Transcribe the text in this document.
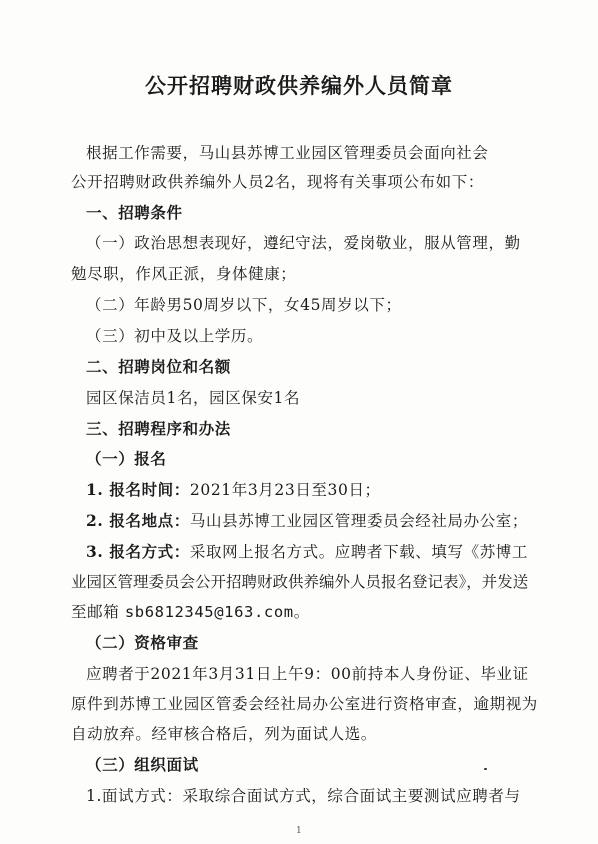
公开招聘财政供养编外人员简章
根据工作需要，马山县苏博工业园区管理委员会面向社会
公开招聘财政供养编外人员2名，现将有关事项公布如下：
一、招聘条件
（一）政治思想表现好，遵纪守法，爱岗敬业，服从管理，勤
勉尽职，作风正派，身体健康；
（二）年龄男50周岁以下，女45周岁以下；
（三）初中及以上学历。
二、招聘岗位和名额
园区保洁员1名，园区保安1名
三、招聘程序和办法
（一）报名
1. 报名时间：2021年3月23日至30日；
2. 报名地点：马山县苏博工业园区管理委员会经社局办公室；
3. 报名方式：采取网上报名方式。应聘者下载、填写《苏博工
业园区管理委员会公开招聘财政供养编外人员报名登记表》，并发送
至邮箱 sb6812345@163.com。
（二）资格审查
应聘者于2021年3月31日上午9：00前持本人身份证、毕业证
原件到苏博工业园区管委会经社局办公室进行资格审查，逾期视为
自动放弃。经审核合格后，列为面试人选。
（三）组织面试
1.面试方式：采取综合面试方式，综合面试主要测试应聘者与
1
